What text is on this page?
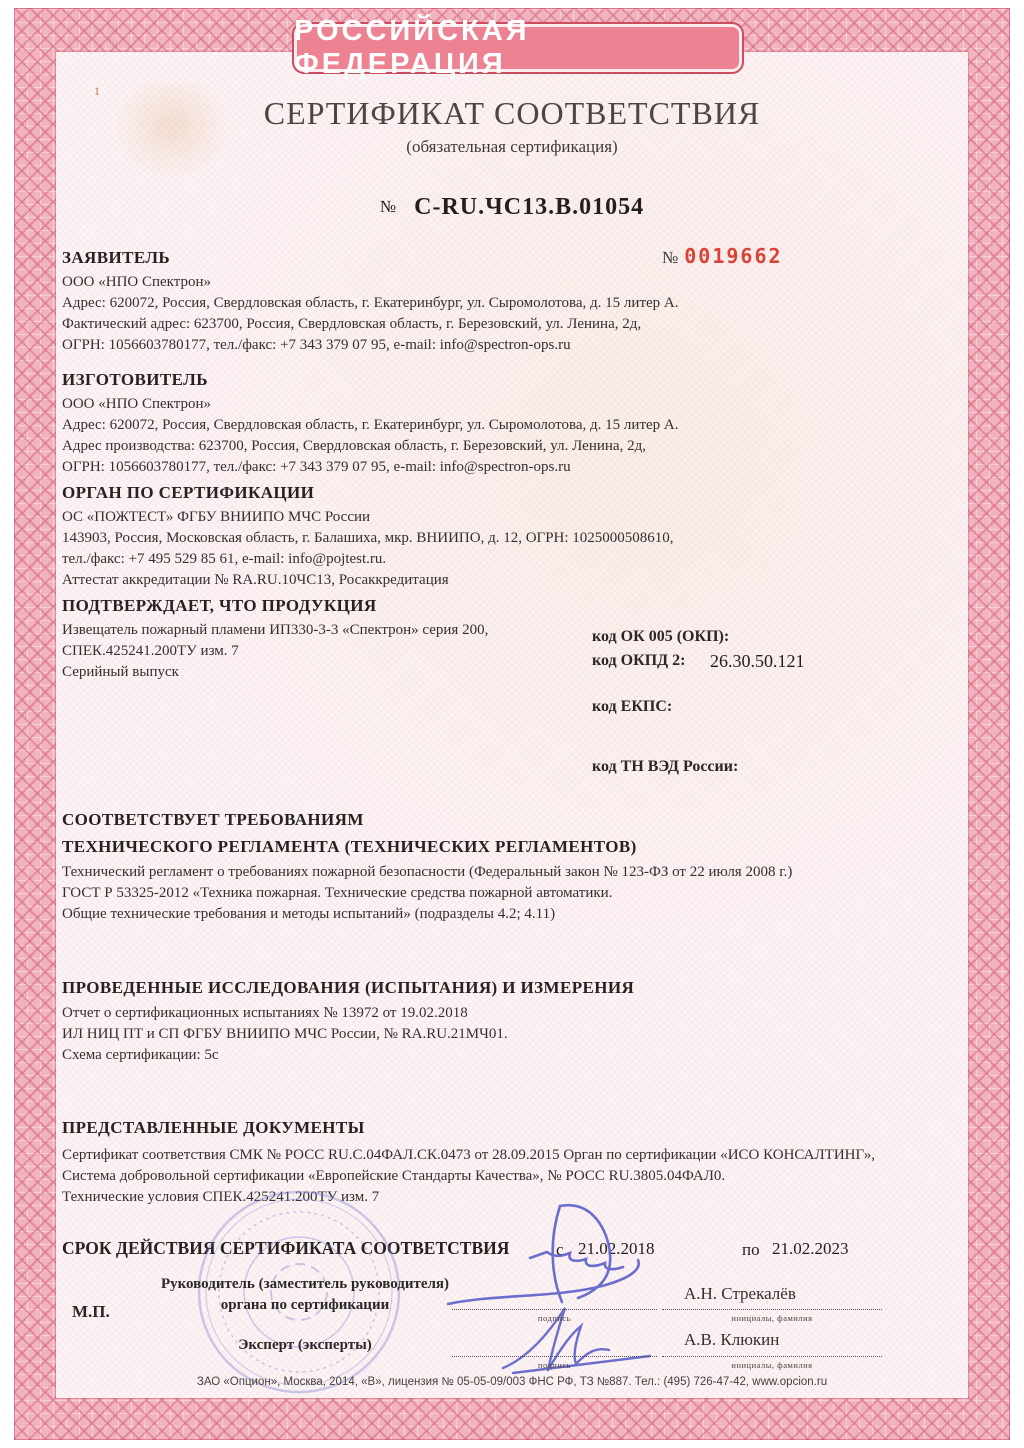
1
РОССИЙСКАЯ ФЕДЕРАЦИЯ
СЕРТИФИКАТ СООТВЕТСТВИЯ
(обязательная сертификация)
№ C-RU.ЧС13.В.01054
№ 0019662
ЗАЯВИТЕЛЬ
ООО «НПО Спектрон»
Адрес: 620072, Россия, Свердловская область, г. Екатеринбург, ул. Сыромолотова, д. 15 литер А.
Фактический адрес: 623700, Россия, Свердловская область, г. Березовский, ул. Ленина, 2д,
ОГРН: 1056603780177, тел./факс: +7 343 379 07 95, e-mail: info@spectron-ops.ru
ИЗГОТОВИТЕЛЬ
ООО «НПО Спектрон»
Адрес: 620072, Россия, Свердловская область, г. Екатеринбург, ул. Сыромолотова, д. 15 литер А.
Адрес производства: 623700, Россия, Свердловская область, г. Березовский, ул. Ленина, 2д,
ОГРН: 1056603780177, тел./факс: +7 343 379 07 95, e-mail: info@spectron-ops.ru
ОРГАН ПО СЕРТИФИКАЦИИ
ОС «ПОЖТЕСТ» ФГБУ ВНИИПО МЧС России
143903, Россия, Московская область, г. Балашиха, мкр. ВНИИПО, д. 12, ОГРН: 1025000508610,
тел./факс: +7 495 529 85 61, e-mail: info@pojtest.ru.
Аттестат аккредитации № RA.RU.10ЧС13, Росаккредитация
ПОДТВЕРЖДАЕТ, ЧТО ПРОДУКЦИЯ
Извещатель пожарный пламени ИП330-3-3 «Спектрон» серия 200,
СПЕК.425241.200ТУ изм. 7
Серийный выпуск
код ОК 005 (ОКП):
код ОКПД 2: 26.30.50.121
код ЕКПС:
код ТН ВЭД России:
СООТВЕТСТВУЕТ ТРЕБОВАНИЯМ
ТЕХНИЧЕСКОГО РЕГЛАМЕНТА (ТЕХНИЧЕСКИХ РЕГЛАМЕНТОВ)
Технический регламент о требованиях пожарной безопасности (Федеральный закон № 123-ФЗ от 22 июля 2008 г.)
ГОСТ Р 53325-2012 «Техника пожарная. Технические средства пожарной автоматики.
Общие технические требования и методы испытаний» (подразделы 4.2; 4.11)
ПРОВЕДЕННЫЕ ИССЛЕДОВАНИЯ (ИСПЫТАНИЯ) И ИЗМЕРЕНИЯ
Отчет о сертификационных испытаниях № 13972 от 19.02.2018
ИЛ НИЦ ПТ и СП ФГБУ ВНИИПО МЧС России, № RA.RU.21МЧ01.
Схема сертификации: 5с
ПРЕДСТАВЛЕННЫЕ ДОКУМЕНТЫ
Сертификат соответствия СМК № РОСС RU.С.04ФАЛ.СК.0473 от 28.09.2015 Орган по сертификации «ИСО КОНСАЛТИНГ»,
Система добровольной сертификации «Европейские Стандарты Качества», № РОСС RU.3805.04ФАЛ0.
Технические условия СПЕК.425241.200ТУ изм. 7
СРОК ДЕЙСТВИЯ СЕРТИФИКАТА СООТВЕТСТВИЯ	с 21.02.2018	по 21.02.2023
М.П.
Руководитель (заместитель руководителя)
органа по сертификации
подпись
А.Н. Стрекалёв
инициалы, фамилия
Эксперт (эксперты)
подпись
А.В. Клюкин
инициалы, фамилия
ЗАО «Опцион», Москва, 2014, «В», лицензия № 05-05-09/003 ФНС РФ, ТЗ №887. Тел.: (495) 726-47-42, www.opcion.ru
